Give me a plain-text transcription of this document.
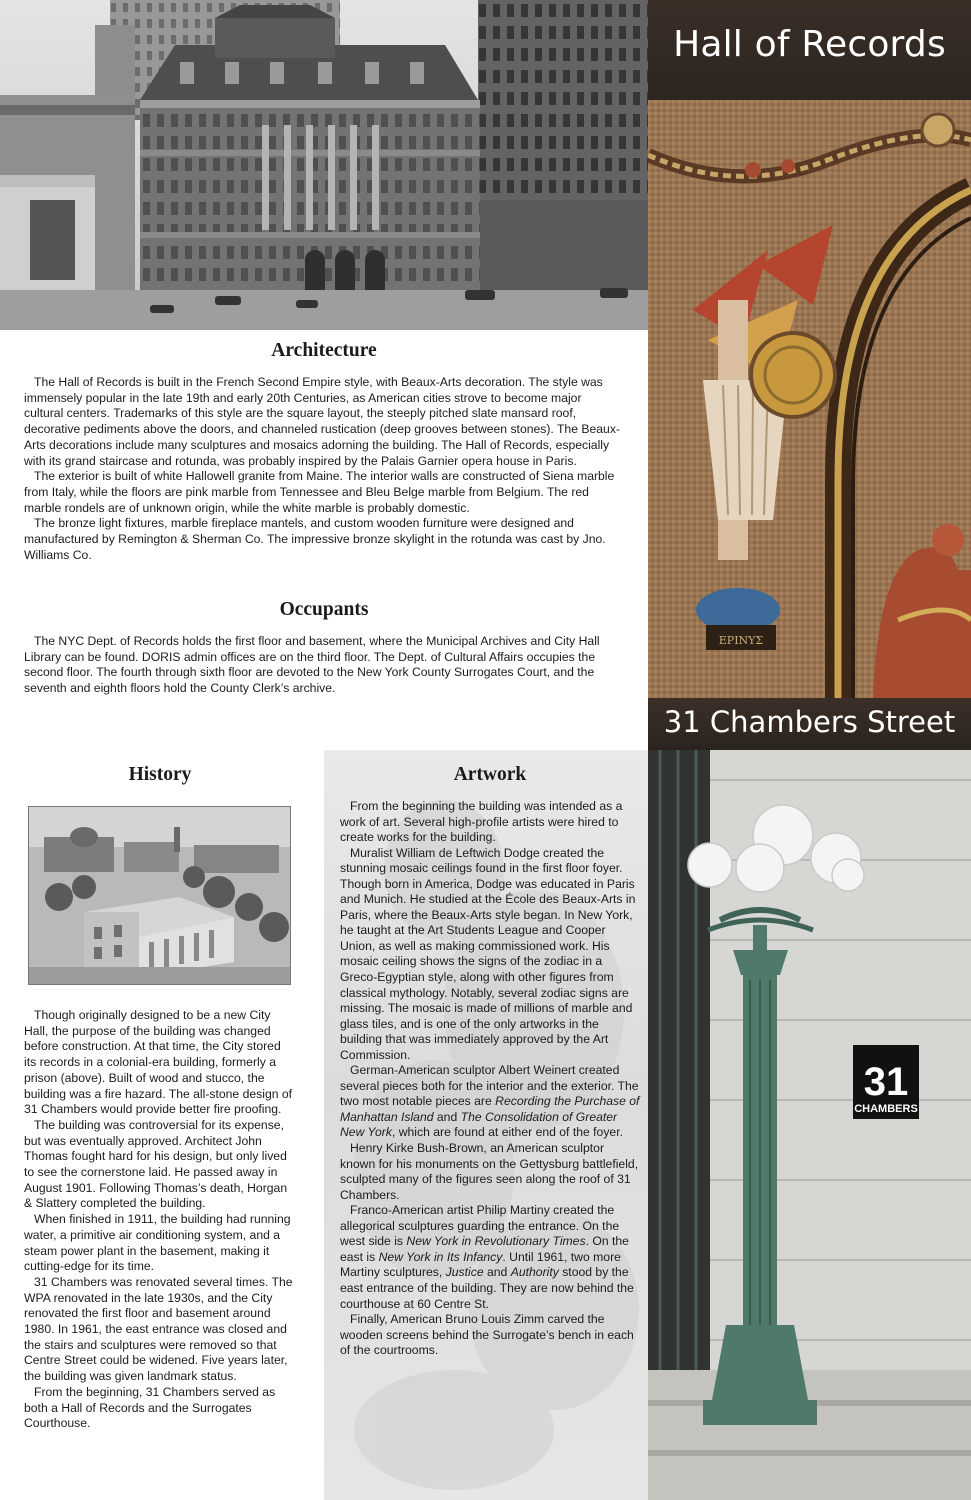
Hall of Records
ΕΡΙΝΥΣ
31 Chambers Street
31
CHAMBERS
Architecture

The Hall of Records is built in the French Second Empire style, with Beaux-Arts decoration. The style was immensely popular in the late 19th and early 20th Centuries, as American cities strove to become major cultural centers. Trademarks of this style are the square layout, the steeply pitched slate mansard roof, decorative pediments above the doors, and channeled rustication (deep grooves between stones). The Beaux-Arts decorations include many sculptures and mosaics adorning the building. The Hall of Records, especially with its grand staircase and rotunda, was probably inspired by the Palais Garnier opera house in Paris.

The exterior is built of white Hallowell granite from Maine. The interior walls are constructed of Siena marble from Italy, while the floors are pink marble from Tennessee and Bleu Belge marble from Belgium. The red marble rondels are of unknown origin, while the white marble is probably domestic.

The bronze light fixtures, marble fireplace mantels, and custom wooden furniture were designed and manufactured by Remington & Sherman Co. The impressive bronze skylight in the rotunda was cast by Jno. Williams Co.

Occupants

The NYC Dept. of Records holds the first floor and basement, where the Municipal Archives and City Hall Library can be found. DORIS admin offices are on the third floor. The Dept. of Cultural Affairs occupies the second floor. The fourth through sixth floor are devoted to the New York County Surrogates Court, and the seventh and eighth floors hold the County Clerk’s archive.

History

Though originally designed to be a new City Hall, the purpose of the building was changed before construction. At that time, the City stored its records in a colonial-era building, formerly a prison (above). Built of wood and stucco, the building was a fire hazard. The all-stone design of 31 Chambers would provide better fire proofing.

The building was controversial for its expense, but was eventually approved. Architect John Thomas fought hard for his design, but only lived to see the cornerstone laid. He passed away in August 1901. Following Thomas’s death, Horgan & Slattery completed the building.

When finished in 1911, the building had running water, a primitive air conditioning system, and a steam power plant in the basement, making it cutting-edge for its time.

31 Chambers was renovated several times. The WPA renovated in the late 1930s, and the City renovated the first floor and basement around 1980. In 1961, the east entrance was closed and the stairs and sculptures were removed so that Centre Street could be widened. Five years later, the building was given landmark status.

From the beginning, 31 Chambers served as both a Hall of Records and the Surrogates Courthouse.

Artwork

From the beginning the building was intended as a work of art. Several high-profile artists were hired to create works for the building.

Muralist William de Leftwich Dodge created the stunning mosaic ceilings found in the first floor foyer. Though born in America, Dodge was educated in Paris and Munich. He studied at the École des Beaux-Arts in Paris, where the Beaux-Arts style began. In New York, he taught at the Art Students League and Cooper Union, as well as making commissioned work. His mosaic ceiling shows the signs of the zodiac in a Greco-Egyptian style, along with other figures from classical mythology. Notably, several zodiac signs are missing. The mosaic is made of millions of marble and glass tiles, and is one of the only artworks in the building that was immediately approved by the Art Commission.

German-American sculptor Albert Weinert created several pieces both for the interior and the exterior. The two most notable pieces are Recording the Purchase of Manhattan Island and The Consolidation of Greater New York, which are found at either end of the foyer.

Henry Kirke Bush-Brown, an American sculptor known for his monuments on the Gettysburg battlefield, sculpted many of the figures seen along the roof of 31 Chambers.

Franco-American artist Philip Martiny created the allegorical sculptures guarding the entrance. On the west side is New York in Revolutionary Times. On the east is New York in Its Infancy. Until 1961, two more Martiny sculptures, Justice and Authority stood by the east entrance of the building. They are now behind the courthouse at 60 Centre St.

Finally, American Bruno Louis Zimm carved the wooden screens behind the Surrogate’s bench in each of the courtrooms.
